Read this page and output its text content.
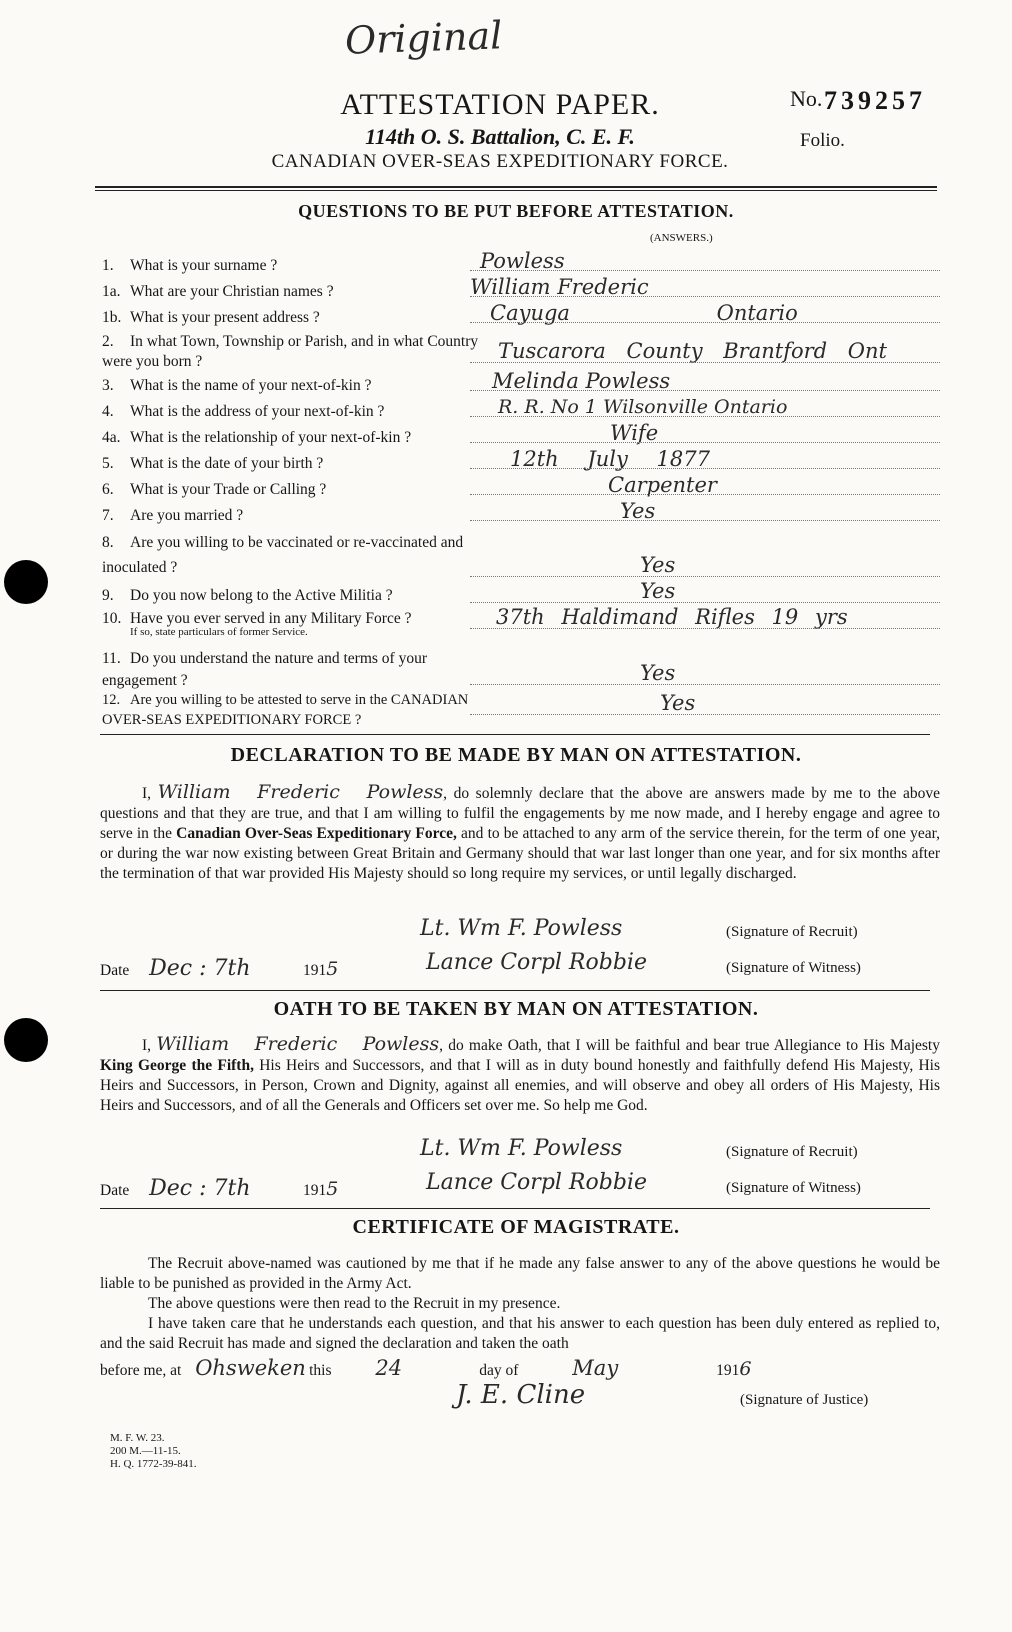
Original
ATTESTATION PAPER.
114th O. S. Battalion, C. E. F.
CANADIAN OVER-SEAS EXPEDITIONARY FORCE.
No. 739257
Folio.
QUESTIONS TO BE PUT BEFORE ATTESTATION.
(ANSWERS.)
1. What is your surname ?	Powless
1a. What are your Christian names ?	William Frederic
1b. What is your present address ?	Cayuga Ontario
2. In what Town, Township or Parish, and in what Country were you born ?	Tuscarora County Brantford Ont
3. What is the name of your next-of-kin ?	Melinda Powless
4. What is the address of your next-of-kin ?	R. R. No 1 Wilsonville Ontario
4a. What is the relationship of your next-of-kin ?	Wife
5. What is the date of your birth ?	12th July 1877
6. What is your Trade or Calling ?	Carpenter
7. Are you married ?	Yes
8. Are you willing to be vaccinated or re-vaccinated and inoculated ?	Yes
9. Do you now belong to the Active Militia ?	Yes
10. Have you ever served in any Military Force ?
If so, state particulars of former Service.
37th Haldimand Rifles 19 yrs
11. Do you understand the nature and terms of your engagement ?	Yes
12. Are you willing to be attested to serve in the CANADIAN OVER-SEAS EXPEDITIONARY FORCE ?
Yes
DECLARATION TO BE MADE BY MAN ON ATTESTATION.
I, William Frederic Powless, do solemnly declare that the above are answers made by me to the above questions and that they are true, and that I am willing to fulfil the engagements by me now made, and I hereby engage and agree to serve in the Canadian Over-Seas Expeditionary Force, and to be attached to any arm of the service therein, for the term of one year, or during the war now existing between Great Britain and Germany should that war last longer than one year, and for six months after the termination of that war provided His Majesty should so long require my services, or until legally discharged.
Lt. Wm F. Powless	(Signature of Recruit)
Date Dec : 7th	1915	Lance Corpl Robbie	(Signature of Witness)
OATH TO BE TAKEN BY MAN ON ATTESTATION.
I, William Frederic Powless, do make Oath, that I will be faithful and bear true Allegiance to His Majesty King George the Fifth, His Heirs and Successors, and that I will as in duty bound honestly and faithfully defend His Majesty, His Heirs and Successors, in Person, Crown and Dignity, against all enemies, and will observe and obey all orders of His Majesty, His Heirs and Successors, and of all the Generals and Officers set over me. So help me God.
Lt. Wm F. Powless	(Signature of Recruit)
Date Dec : 7th	1915	Lance Corpl Robbie	(Signature of Witness)
CERTIFICATE OF MAGISTRATE.
The Recruit above-named was cautioned by me that if he made any false answer to any of the above questions he would be liable to be punished as provided in the Army Act.
The above questions were then read to the Recruit in my presence.
I have taken care that he understands each question, and that his answer to each question has been duly entered as replied to, and the said Recruit has made and signed the declaration and taken the oath
before me, at Ohsweken this 24	day of	May	1916
J. E. Cline	(Signature of Justice)
M. F. W. 23.
200 M.—11-15.
H. Q. 1772-39-841.
